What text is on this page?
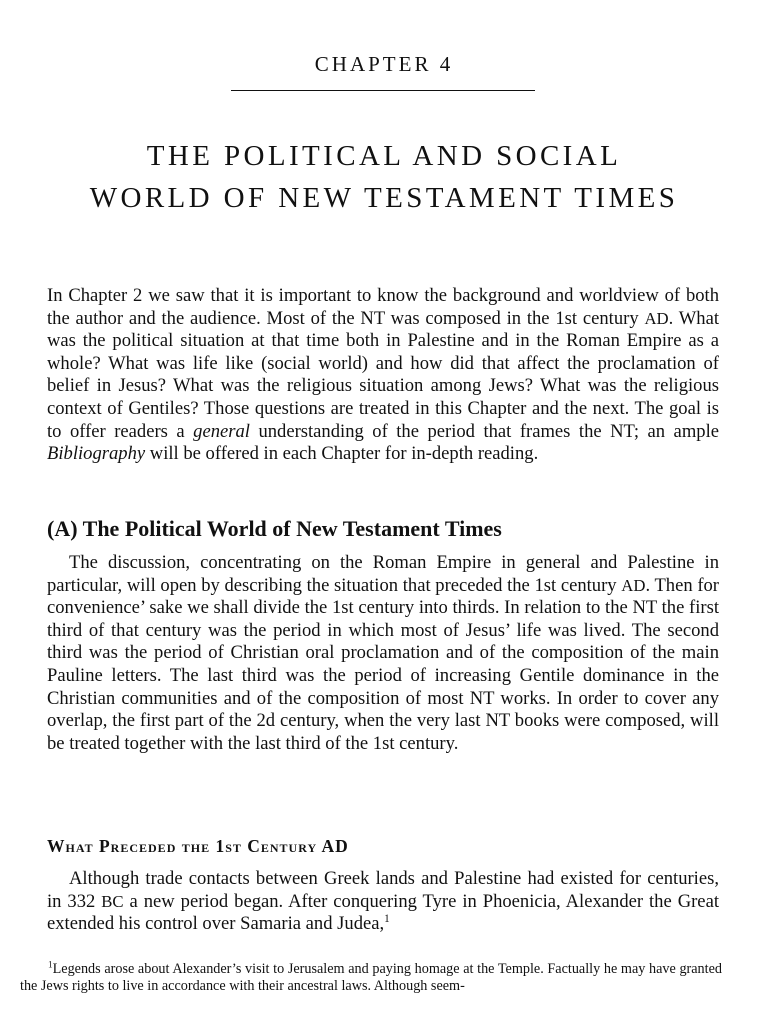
CHAPTER 4
THE POLITICAL AND SOCIAL
WORLD OF NEW TESTAMENT TIMES

In Chapter 2 we saw that it is important to know the background and worldview of both the author and the audience. Most of the NT was composed in the 1st century AD. What was the political situation at that time both in Palestine and in the Roman Empire as a whole? What was life like (social world) and how did that affect the proclamation of belief in Jesus? What was the religious situation among Jews? What was the religious context of Gentiles? Those questions are treated in this Chapter and the next. The goal is to offer readers a general understanding of the period that frames the NT; an ample Bibliography will be offered in each Chapter for in-depth reading.

(A) The Political World of New Testament Times

The discussion, concentrating on the Roman Empire in general and Palestine in particular, will open by describing the situation that preceded the 1st century AD. Then for convenience’ sake we shall divide the 1st century into thirds. In relation to the NT the first third of that century was the period in which most of Jesus’ life was lived. The second third was the period of Christian oral proclamation and of the composition of the main Pauline letters. The last third was the period of increasing Gentile dominance in the Christian communities and of the composition of most NT works. In order to cover any overlap, the first part of the 2d century, when the very last NT books were composed, will be treated together with the last third of the 1st century.

What Preceded the 1st Century AD

Although trade contacts between Greek lands and Palestine had existed for centuries, in 332 BC a new period began. After conquering Tyre in Phoenicia, Alexander the Great extended his control over Samaria and Judea,$^1$

$^1$Legends arose about Alexander’s visit to Jerusalem and paying homage at the Temple. Factually he may have granted the Jews rights to live in accordance with their ancestral laws. Although seem-
